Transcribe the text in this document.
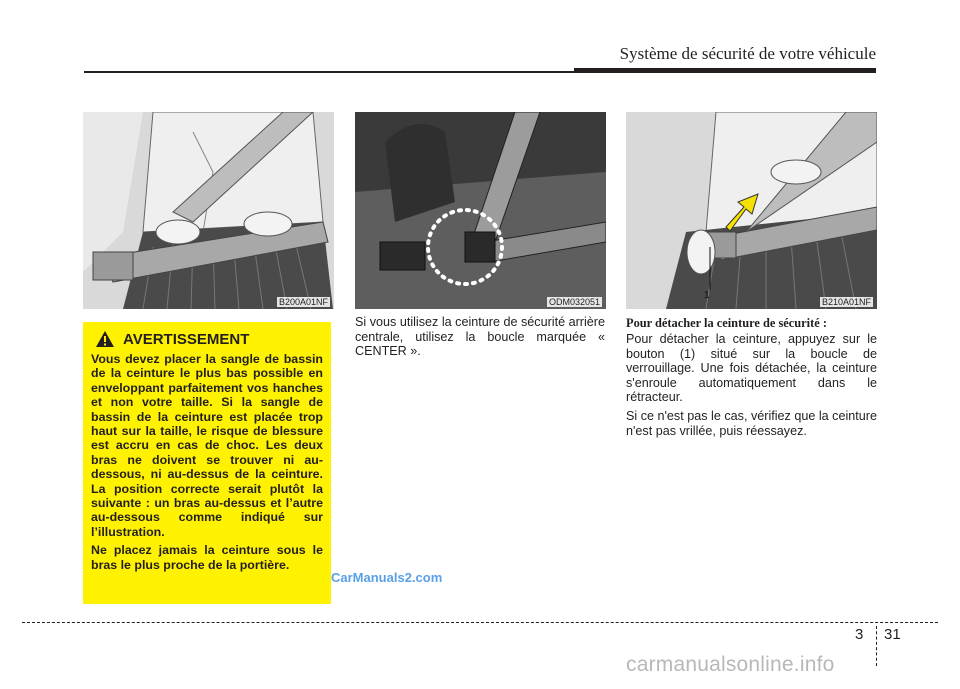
Système de sécurité de votre véhicule
B200A01NF	ODM032051
1
B210A01NF
AVERTISSEMENT

Vous devez placer la sangle de bassin de la ceinture le plus bas possible en enveloppant parfaitement vos hanches et non votre taille. Si la sangle de bassin de la ceinture est placée trop haut sur la taille, le risque de blessure est accru en cas de choc. Les deux bras ne doivent se trouver ni au-dessous, ni au-dessus de la ceinture. La position correcte serait plutôt la suivante : un bras au-dessus et l’autre au-dessous comme indiqué sur l’illustration.

Ne placez jamais la ceinture sous le bras le plus proche de la portière.

Si vous utilisez la ceinture de sécurité arrière centrale, utilisez la boucle marquée « CENTER ».

Pour détacher la ceinture de sécurité :

Pour détacher la ceinture, appuyez sur le bouton (1) situé sur la boucle de verrouillage. Une fois détachée, la ceinture s'enroule automatiquement dans le rétracteur.

Si ce n'est pas le cas, vérifiez que la ceinture n'est pas vrillée, puis réessayez.

CarManuals2.com
3 31
carmanualsonline.info
